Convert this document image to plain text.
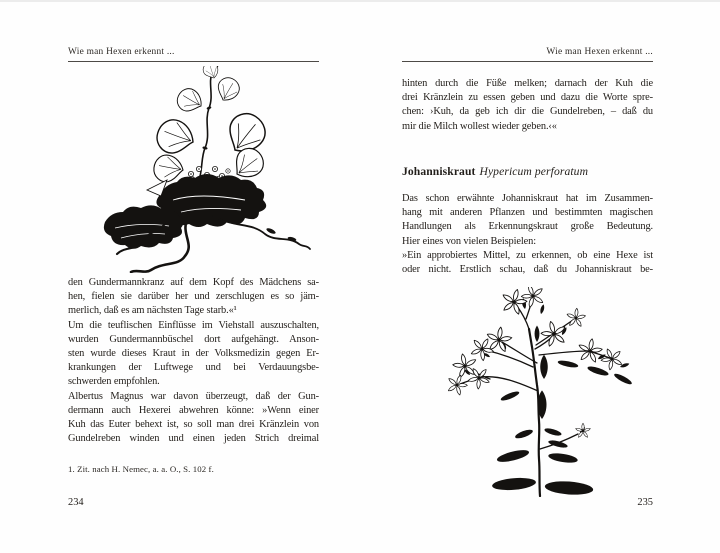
Wie man Hexen erkennt ...
den Gundermannkranz auf dem Kopf des Mädchens sa-
hen, fielen sie darüber her und zerschlugen es so jäm-
merlich, daß es am nächsten Tage starb.«¹
Um die teuflischen Einflüsse im Viehstall auszuschalten,
wurden Gundermannbüschel dort aufgehängt. Anson-
sten wurde dieses Kraut in der Volksmedizin gegen Er-
krankungen der Luftwege und bei Verdauungsbe-
schwerden empfohlen.
Albertus Magnus war davon überzeugt, daß der Gun-
dermann auch Hexerei abwehren könne: »Wenn einer
Kuh das Euter behext ist, so soll man drei Kränzlein von
Gundelreben winden und einen jeden Strich dreimal
1. Zit. nach H. Nemec, a. a. O., S. 102 f.
234
Wie man Hexen erkennt ...
hinten durch die Füße melken; darnach der Kuh die
drei Kränzlein zu essen geben und dazu die Worte spre-
chen: ›Kuh, da geb ich dir die Gundelreben, – daß du
mir die Milch wollest wieder geben.‹«
Johanniskraut Hypericum perforatum
Das schon erwähnte Johanniskraut hat im Zusammen-
hang mit anderen Pflanzen und bestimmten magischen
Handlungen als Erkennungskraut große Bedeutung.
Hier eines von vielen Beispielen:
»Ein approbiertes Mittel, zu erkennen, ob eine Hexe ist
oder nicht. Erstlich schau, daß du Johanniskraut be-
235
